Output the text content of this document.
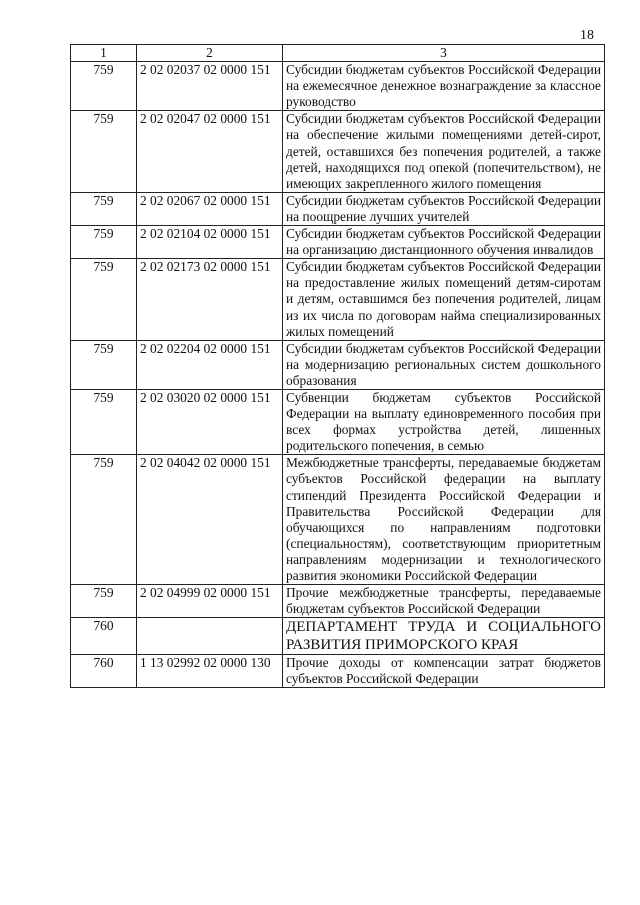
18
1	2	3
759	2 02 02037 02 0000 151	Субсидии бюджетам субъектов Российской Федерации на ежемесячное денежное вознаграждение за классное руководство
759	2 02 02047 02 0000 151	Субсидии бюджетам субъектов Российской Федерации на обеспечение жилыми помещениями детей-сирот, детей, оставшихся без попечения родителей, а также детей, находящихся под опекой (попечительством), не имеющих закрепленного жилого помещения
759	2 02 02067 02 0000 151	Субсидии бюджетам субъектов Российской Федерации на поощрение лучших учителей
759	2 02 02104 02 0000 151	Субсидии бюджетам субъектов Российской Федерации на организацию дистанционного обучения инвалидов
759	2 02 02173 02 0000 151	Субсидии бюджетам субъектов Российской Федерации на предоставление жилых помещений детям-сиротам и детям, оставшимся без попечения родителей, лицам из их числа по договорам найма специализированных жилых помещений
759	2 02 02204 02 0000 151	Субсидии бюджетам субъектов Российской Федерации на модернизацию региональных систем дошкольного образования
759	2 02 03020 02 0000 151	Субвенции бюджетам субъектов Российской Федерации на выплату единовременного пособия при всех формах устройства детей, лишенных родительского попечения, в семью
759	2 02 04042 02 0000 151	Межбюджетные трансферты, передаваемые бюджетам субъектов Российской федерации на выплату стипендий Президента Российской Федерации и Правительства Российской Федерации для обучающихся по направлениям подготовки (специальностям), соответствующим приоритетным направлениям модернизации и технологического развития экономики Российской Федерации
759	2 02 04999 02 0000 151	Прочие межбюджетные трансферты, передаваемые бюджетам субъектов Российской Федерации
760		ДЕПАРТАМЕНТ ТРУДА И СОЦИАЛЬНОГО РАЗВИТИЯ ПРИМОРСКОГО КРАЯ
760	1 13 02992 02 0000 130	Прочие доходы от компенсации затрат бюджетов субъектов Российской Федерации
